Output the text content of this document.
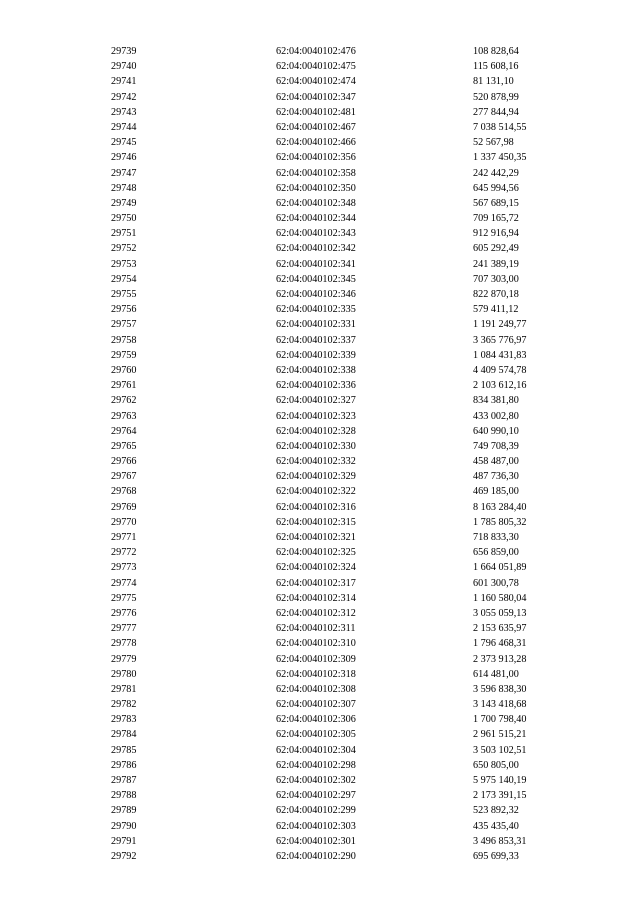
29739	62:04:0040102:476	108 828,64
29740	62:04:0040102:475	115 608,16
29741	62:04:0040102:474	81 131,10
29742	62:04:0040102:347	520 878,99
29743	62:04:0040102:481	277 844,94
29744	62:04:0040102:467	7 038 514,55
29745	62:04:0040102:466	52 567,98
29746	62:04:0040102:356	1 337 450,35
29747	62:04:0040102:358	242 442,29
29748	62:04:0040102:350	645 994,56
29749	62:04:0040102:348	567 689,15
29750	62:04:0040102:344	709 165,72
29751	62:04:0040102:343	912 916,94
29752	62:04:0040102:342	605 292,49
29753	62:04:0040102:341	241 389,19
29754	62:04:0040102:345	707 303,00
29755	62:04:0040102:346	822 870,18
29756	62:04:0040102:335	579 411,12
29757	62:04:0040102:331	1 191 249,77
29758	62:04:0040102:337	3 365 776,97
29759	62:04:0040102:339	1 084 431,83
29760	62:04:0040102:338	4 409 574,78
29761	62:04:0040102:336	2 103 612,16
29762	62:04:0040102:327	834 381,80
29763	62:04:0040102:323	433 002,80
29764	62:04:0040102:328	640 990,10
29765	62:04:0040102:330	749 708,39
29766	62:04:0040102:332	458 487,00
29767	62:04:0040102:329	487 736,30
29768	62:04:0040102:322	469 185,00
29769	62:04:0040102:316	8 163 284,40
29770	62:04:0040102:315	1 785 805,32
29771	62:04:0040102:321	718 833,30
29772	62:04:0040102:325	656 859,00
29773	62:04:0040102:324	1 664 051,89
29774	62:04:0040102:317	601 300,78
29775	62:04:0040102:314	1 160 580,04
29776	62:04:0040102:312	3 055 059,13
29777	62:04:0040102:311	2 153 635,97
29778	62:04:0040102:310	1 796 468,31
29779	62:04:0040102:309	2 373 913,28
29780	62:04:0040102:318	614 481,00
29781	62:04:0040102:308	3 596 838,30
29782	62:04:0040102:307	3 143 418,68
29783	62:04:0040102:306	1 700 798,40
29784	62:04:0040102:305	2 961 515,21
29785	62:04:0040102:304	3 503 102,51
29786	62:04:0040102:298	650 805,00
29787	62:04:0040102:302	5 975 140,19
29788	62:04:0040102:297	2 173 391,15
29789	62:04:0040102:299	523 892,32
29790	62:04:0040102:303	435 435,40
29791	62:04:0040102:301	3 496 853,31
29792	62:04:0040102:290	695 699,33
